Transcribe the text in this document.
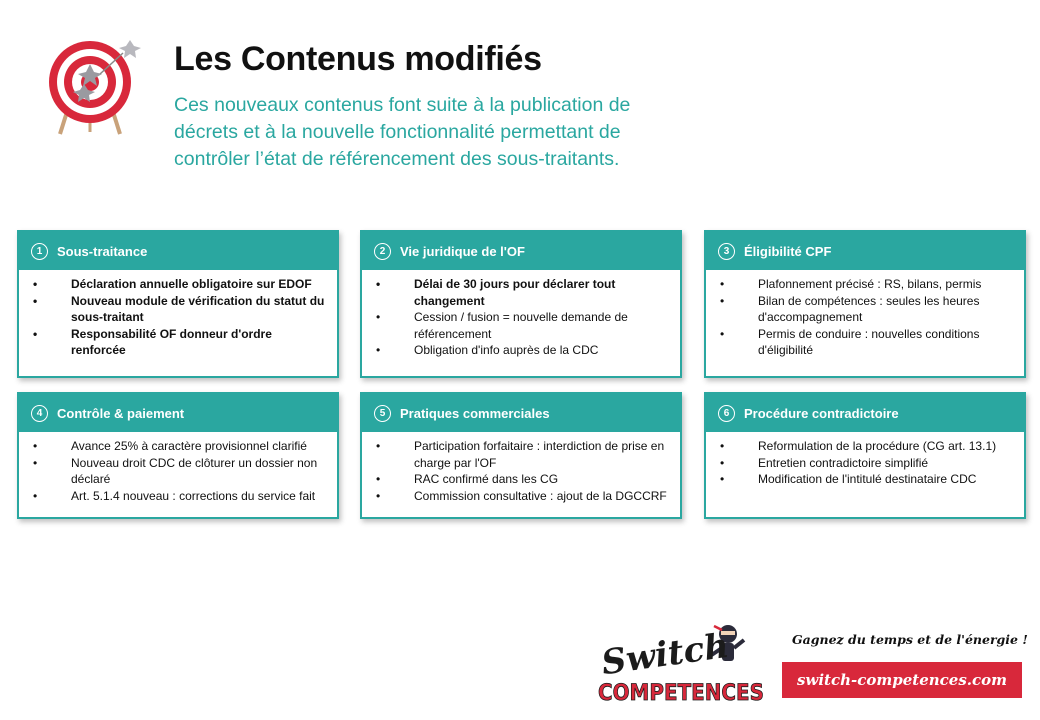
Les Contenus modifiés

Ces nouveaux contenus font suite à la publication de décrets et à la nouvelle fonctionnalité permettant de contrôler l’état de référencement des sous-traitants.

1	Sous-traitance
• Déclaration annuelle obligatoire sur EDOF
• Nouveau module de vérification du statut du sous-traitant
• Responsabilité OF donneur d'ordre renforcée
2	Vie juridique de l'OF
• Délai de 30 jours pour déclarer tout changement
• Cession / fusion = nouvelle demande de référencement
• Obligation d'info auprès de la CDC
3	Éligibilité CPF
• Plafonnement précisé : RS, bilans, permis
• Bilan de compétences : seules les heures d'accompagnement
• Permis de conduire : nouvelles conditions d'éligibilité
4	Contrôle & paiement
• Avance 25% à caractère provisionnel clarifié
• Nouveau droit CDC de clôturer un dossier non déclaré
• Art. 5.1.4 nouveau : corrections du service fait
5	Pratiques commerciales
• Participation forfaitaire : interdiction de prise en charge par l'OF
• RAC confirmé dans les CG
• Commission consultative : ajout de la DGCCRF
6	Procédure contradictoire
• Reformulation de la procédure (CG art. 13.1)
• Entretien contradictoire simplifié
• Modification de l'intitulé destinataire CDC
Switch
COMPETENCES
Gagnez du temps et de l'énergie !
switch-competences.com
